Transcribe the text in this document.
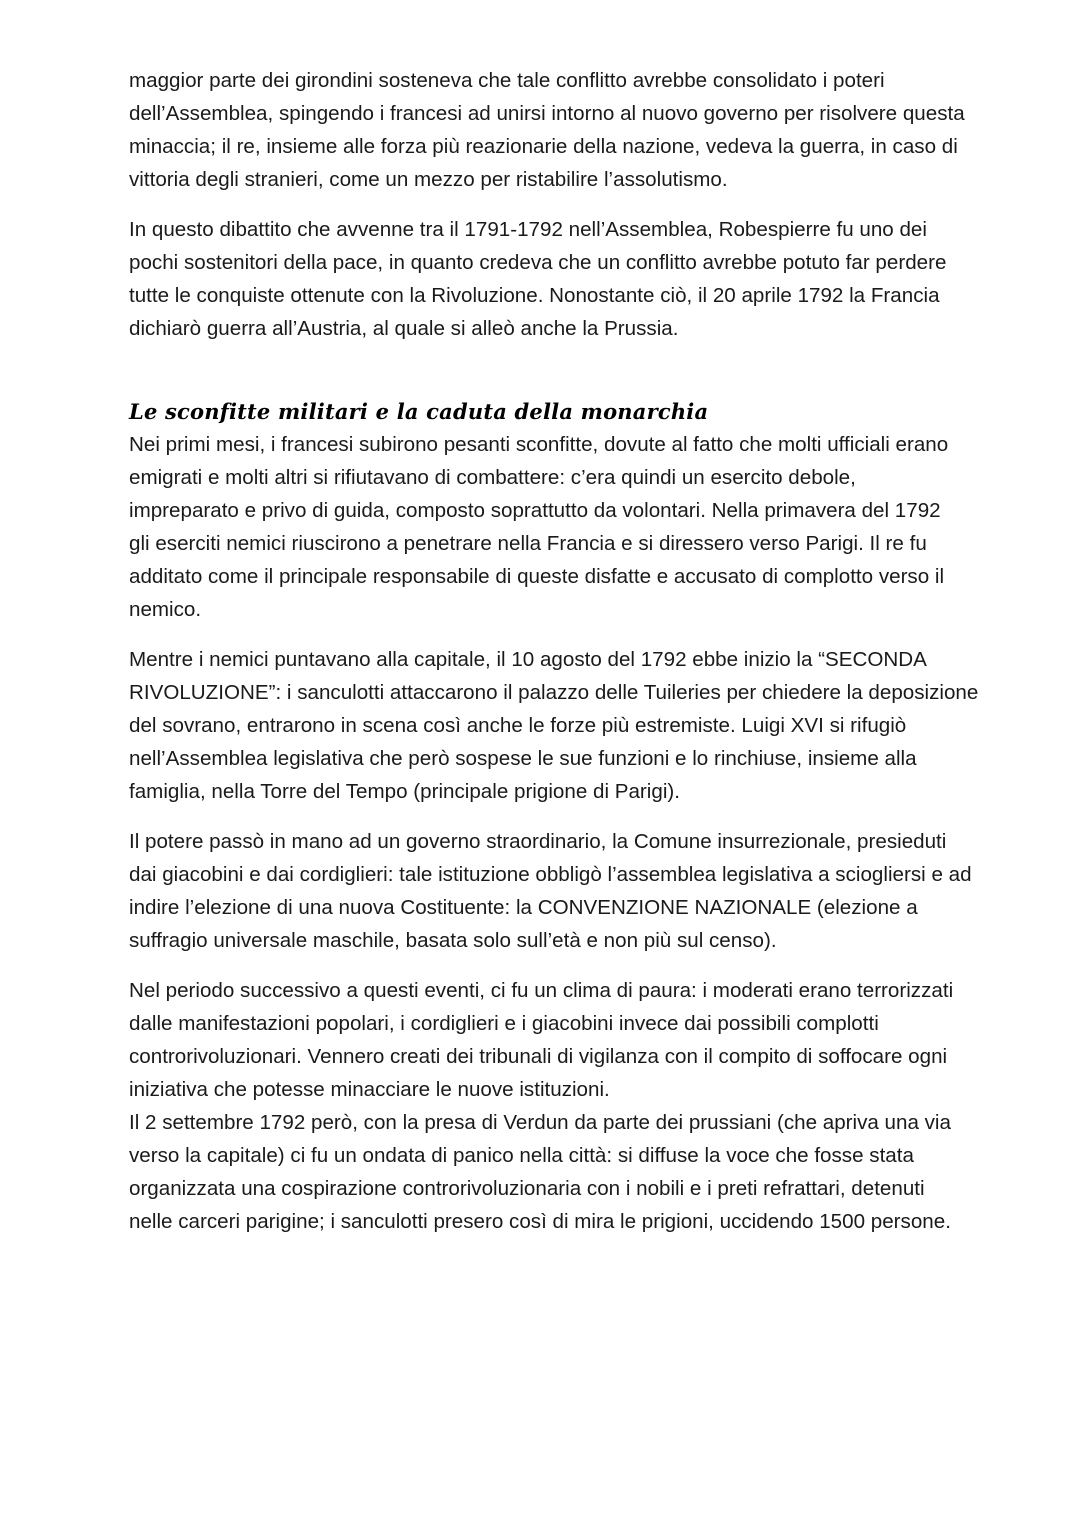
maggior parte dei girondini sosteneva che tale conflitto avrebbe consolidato i poteri
dell’Assemblea, spingendo i francesi ad unirsi intorno al nuovo governo per risolvere questa
minaccia; il re, insieme alle forza più reazionarie della nazione, vedeva la guerra, in caso di
vittoria degli stranieri, come un mezzo per ristabilire l’assolutismo.

In questo dibattito che avvenne tra il 1791-1792 nell’Assemblea, Robespierre fu uno dei
pochi sostenitori della pace, in quanto credeva che un conflitto avrebbe potuto far perdere
tutte le conquiste ottenute con la Rivoluzione. Nonostante ciò, il 20 aprile 1792 la Francia
dichiarò guerra all’Austria, al quale si alleò anche la Prussia.

Le sconfitte militari e la caduta della monarchia

Nei primi mesi, i francesi subirono pesanti sconfitte, dovute al fatto che molti ufficiali erano
emigrati e molti altri si rifiutavano di combattere: c’era quindi un esercito debole,
impreparato e privo di guida, composto soprattutto da volontari. Nella primavera del 1792
gli eserciti nemici riuscirono a penetrare nella Francia e si diressero verso Parigi. Il re fu
additato come il principale responsabile di queste disfatte e accusato di complotto verso il
nemico.

Mentre i nemici puntavano alla capitale, il 10 agosto del 1792 ebbe inizio la “SECONDA
RIVOLUZIONE”: i sanculotti attaccarono il palazzo delle Tuileries per chiedere la deposizione
del sovrano, entrarono in scena così anche le forze più estremiste. Luigi XVI si rifugiò
nell’Assemblea legislativa che però sospese le sue funzioni e lo rinchiuse, insieme alla
famiglia, nella Torre del Tempo (principale prigione di Parigi).

Il potere passò in mano ad un governo straordinario, la Comune insurrezionale, presieduti
dai giacobini e dai cordiglieri: tale istituzione obbligò l’assemblea legislativa a sciogliersi e ad
indire l’elezione di una nuova Costituente: la CONVENZIONE NAZIONALE (elezione a
suffragio universale maschile, basata solo sull’età e non più sul censo).

Nel periodo successivo a questi eventi, ci fu un clima di paura: i moderati erano terrorizzati
dalle manifestazioni popolari, i cordiglieri e i giacobini invece dai possibili complotti
controrivoluzionari. Vennero creati dei tribunali di vigilanza con il compito di soffocare ogni
iniziativa che potesse minacciare le nuove istituzioni.
Il 2 settembre 1792 però, con la presa di Verdun da parte dei prussiani (che apriva una via
verso la capitale) ci fu un ondata di panico nella città: si diffuse la voce che fosse stata
organizzata una cospirazione controrivoluzionaria con i nobili e i preti refrattari, detenuti
nelle carceri parigine; i sanculotti presero così di mira le prigioni, uccidendo 1500 persone.
